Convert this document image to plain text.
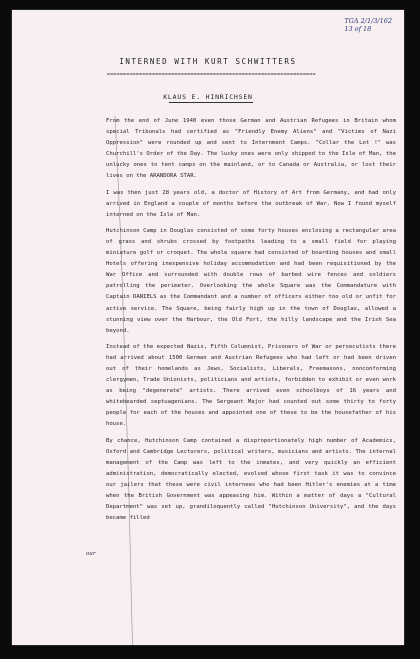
TGA 2/1/3/162
13 of 18
INTERNED WITH KURT SCHWITTERS
=================================================================
KLAUS E. HINRICHSEN
our

From the end of June 1940 even those German and Austrian Refugees in Britain whom special Tribunals had certified as "Friendly Enemy Aliens" and "Victims of Nazi Oppression" were rounded up and sent to Internment Camps. "Collar the Lot !" was Churchill's Order of the Day. The lucky ones were only shipped to the Isle of Man, the unlucky ones to tent camps on the mainland, or to Canada or Australia, or lost their lives on the ARANDORA STAR.

I was then just 28 years old, a doctor of History of Art from Germany, and had only arrived in England a couple of months before the outbreak of War. Now I found myself interned on the Isle of Man.

Hutchinson Camp in Douglas consisted of some forty houses enclosing a rectangular area of grass and shrubs crossed by footpaths leading to a small field for playing miniature golf or croquet. The whole square had consisted of boarding houses and small Hotels offering inexpensive holiday accommodation and had been requisitioned by the War Office and surrounded with double rows of barbed wire fences and soldiers patrolling the perimeter. Overlooking the whole Square was the Commandature with Captain DANIELS as the Commandant and a number of officers either too old or unfit for active service. The Square, being fairly high up in the town of Douglas, allowed a stunning view over the Harbour, the Old Fort, the hilly landscape and the Irish Sea beyond.

Instead of the expected Nazis, Fifth Columnist, Prisoners of War or persecutists there had arrived about 1500 German and Austrian Refugees who had left or had been driven out of their homelands as Jews, Socialists, Liberals, Freemasons, nonconforming clergymen, Trade Unionists, politicians and artists, forbidden to exhibit or even work as being "degenerate" artists. There arrived even schoolboys of 16 years and whitebearded septuagenians. The Sergeant Major had counted out some thirty to forty people for each of the houses and appointed one of these to be the housefather of his house.

By chance, Hutchinson Camp contained a disproportionately high number of Academics, Oxford and Cambridge Lecturers, political writers, musicians and artists. The internal management of the Camp was left to the inmates, and very quickly an efficient administration, democratically elected, evolved whose first task it was to convince our jailers that these were civil internees who had been Hitler's enemies at a time when the British Government was appeasing him. Within a matter of days a "Cultural Department" was set up, grandiloquently called "Hutchinson University", and the days became filled
